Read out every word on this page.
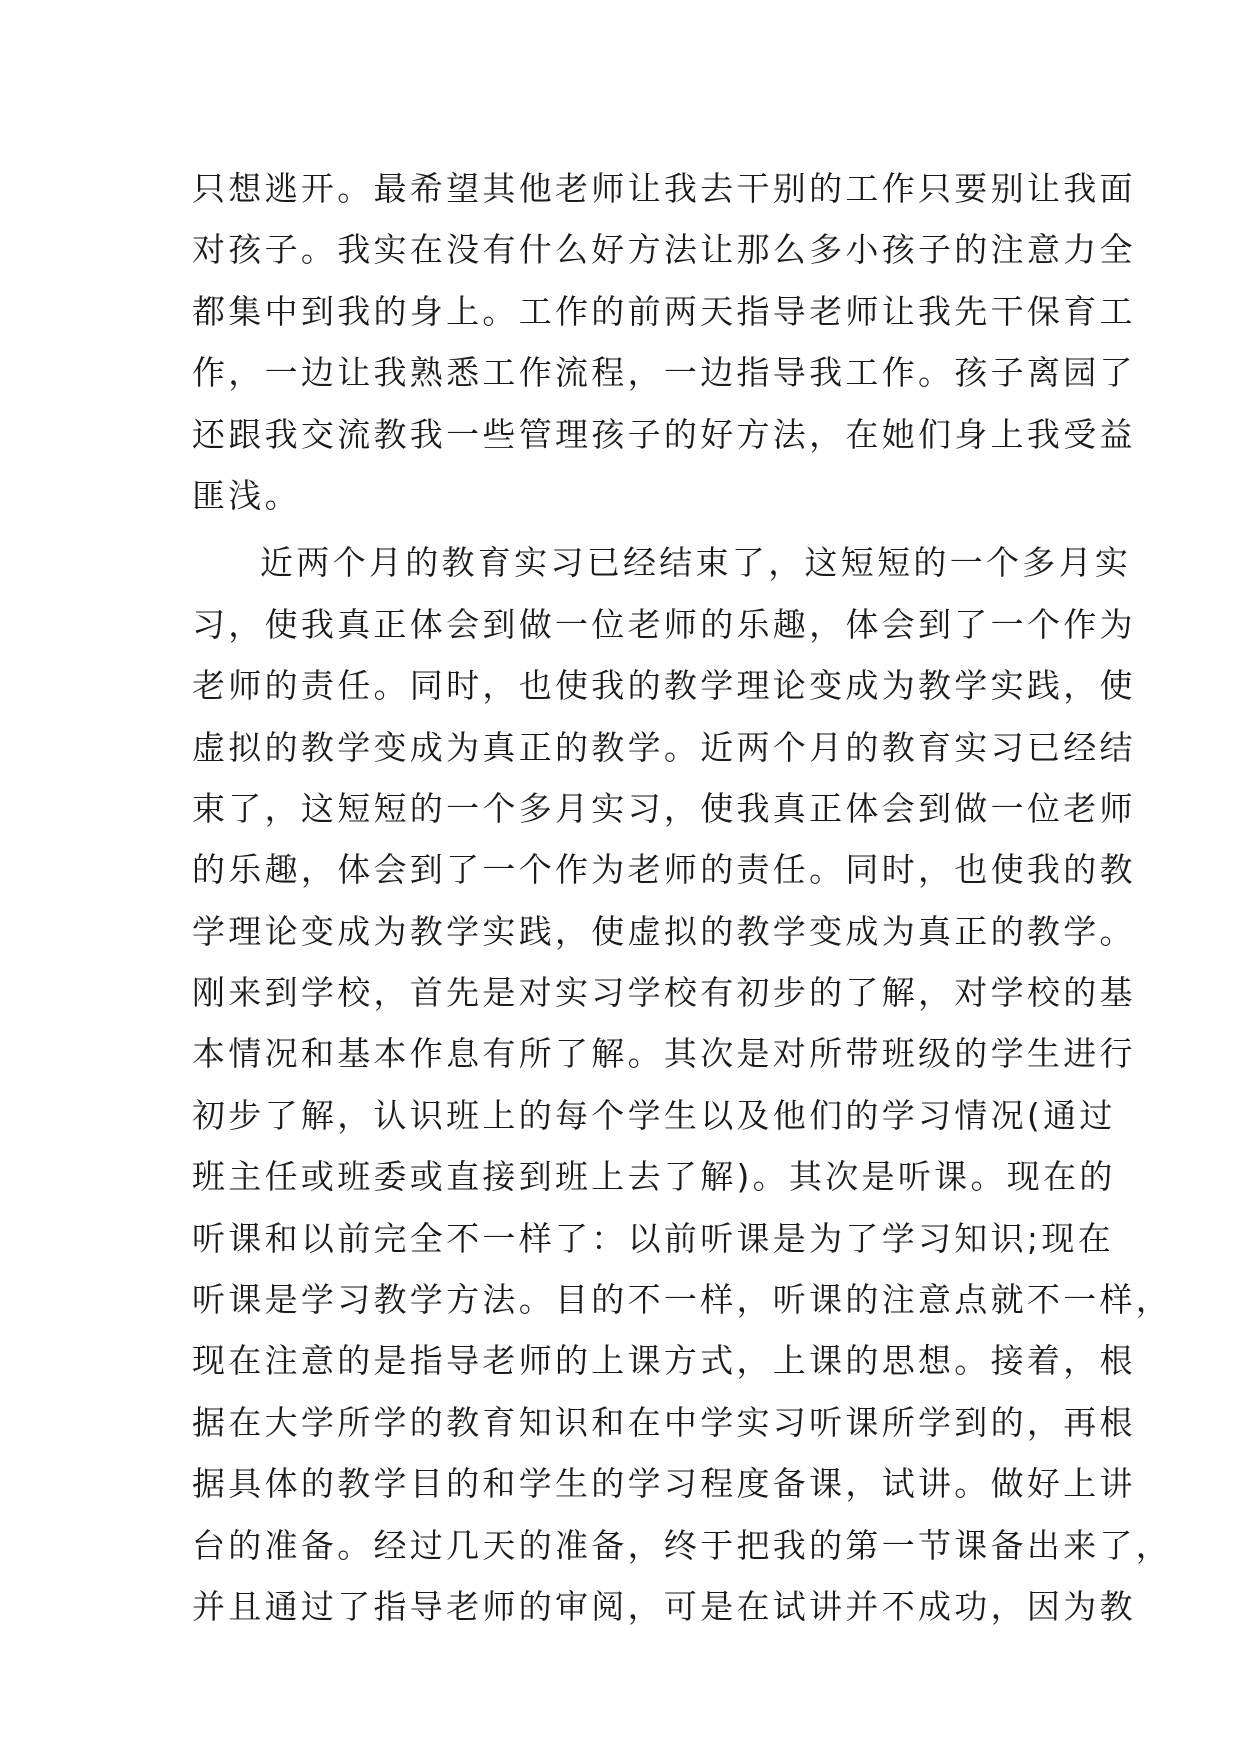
只想逃开。最希望其他老师让我去干别的工作只要别让我面
对孩子。我实在没有什么好方法让那么多小孩子的注意力全
都集中到我的身上。工作的前两天指导老师让我先干保育工
作，一边让我熟悉工作流程，一边指导我工作。孩子离园了
还跟我交流教我一些管理孩子的好方法，在她们身上我受益
匪浅。
近两个月的教育实习已经结束了，这短短的一个多月实
习，使我真正体会到做一位老师的乐趣，体会到了一个作为
老师的责任。同时，也使我的教学理论变成为教学实践，使
虚拟的教学变成为真正的教学。近两个月的教育实习已经结
束了，这短短的一个多月实习，使我真正体会到做一位老师
的乐趣，体会到了一个作为老师的责任。同时，也使我的教
学理论变成为教学实践，使虚拟的教学变成为真正的教学。
刚来到学校，首先是对实习学校有初步的了解，对学校的基
本情况和基本作息有所了解。其次是对所带班级的学生进行
初步了解，认识班上的每个学生以及他们的学习情况(通过
班主任或班委或直接到班上去了解)。其次是听课。现在的
听课和以前完全不一样了：以前听课是为了学习知识;现在
听课是学习教学方法。目的不一样，听课的注意点就不一样，
现在注意的是指导老师的上课方式，上课的思想。接着，根
据在大学所学的教育知识和在中学实习听课所学到的，再根
据具体的教学目的和学生的学习程度备课，试讲。做好上讲
台的准备。经过几天的准备，终于把我的第一节课备出来了，
并且通过了指导老师的审阅，可是在试讲并不成功，因为教
